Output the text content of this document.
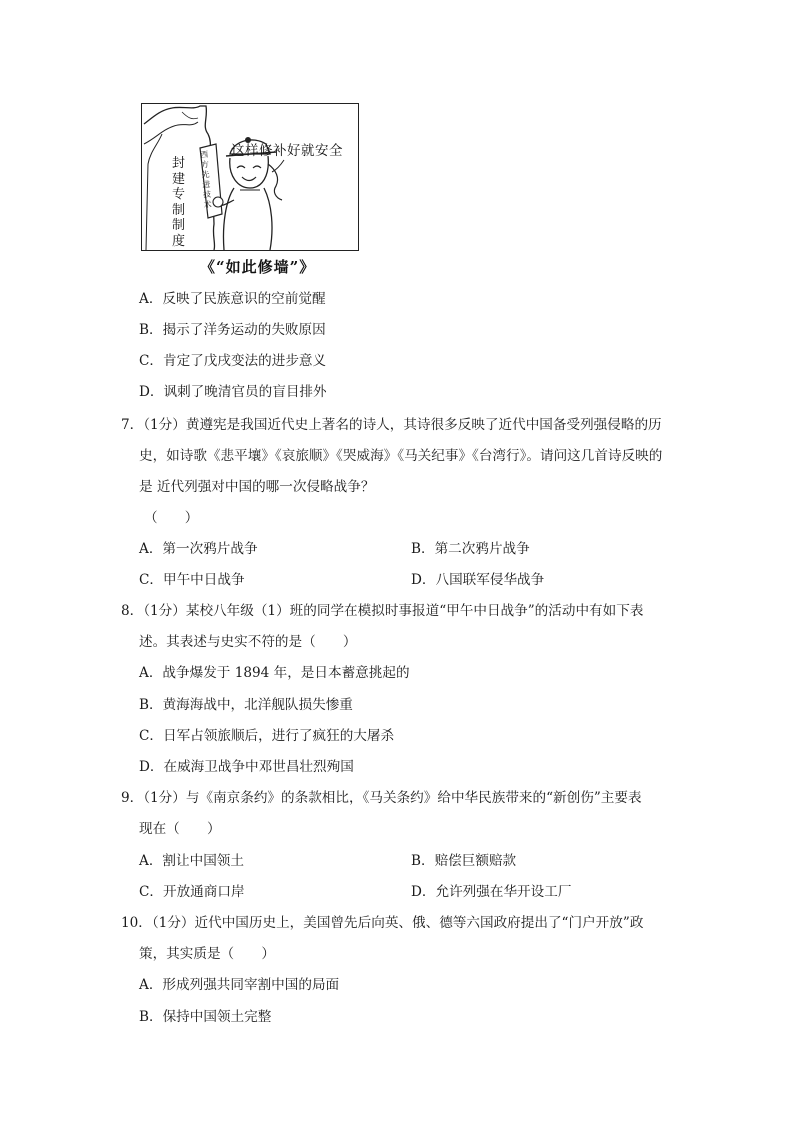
这样修补好就安全
封建专制制度
西方先进技术
《“如此修墙”》
A．反映了民族意识的空前觉醒
B．揭示了洋务运动的失败原因
C．肯定了戊戌变法的进步意义
D．讽刺了晚清官员的盲目排外
7．（1分）黄遵宪是我国近代史上著名的诗人，其诗很多反映了近代中国备受列强侵略的历
史，如诗歌《悲平壤》《哀旅顺》《哭威海》《马关纪事》《台湾行》。请问这几首诗反映的
是 近代列强对中国的哪一次侵略战争？
（　　）
A．第一次鸦片战争	B．第二次鸦片战争
C．甲午中日战争	D．八国联军侵华战争
8．（1分）某校八年级（1）班的同学在模拟时事报道“甲午中日战争”的活动中有如下表
述。其表述与史实不符的是（　　）
A．战争爆发于 1894 年，是日本蓄意挑起的
B．黄海海战中，北洋舰队损失惨重
C．日军占领旅顺后，进行了疯狂的大屠杀
D．在威海卫战争中邓世昌壮烈殉国
9．（1分）与《南京条约》的条款相比，《马关条约》给中华民族带来的“新创伤”主要表
现在（　　）
A．割让中国领土	B．赔偿巨额赔款
C．开放通商口岸	D．允许列强在华开设工厂
10．（1分）近代中国历史上，美国曾先后向英、俄、德等六国政府提出了“门户开放”政
策，其实质是（　　）
A．形成列强共同宰割中国的局面
B．保持中国领土完整
